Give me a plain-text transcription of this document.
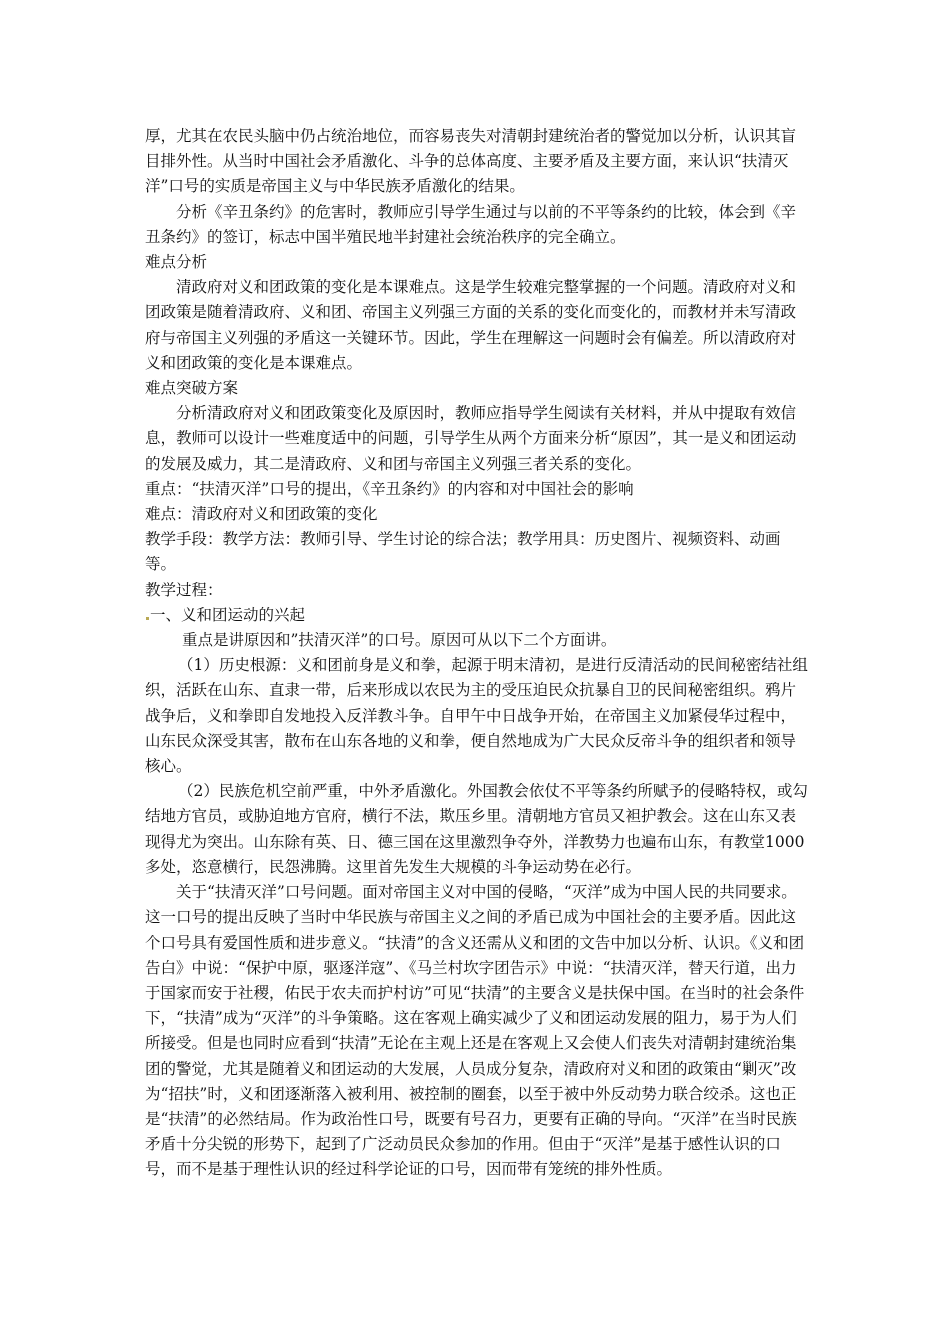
厚，尤其在农民头脑中仍占统治地位，而容易丧失对清朝封建统治者的警觉加以分析，认识其盲目排外性。从当时中国社会矛盾激化、斗争的总体高度、主要矛盾及主要方面，来认识“扶清灭洋”口号的实质是帝国主义与中华民族矛盾激化的结果。

分析《辛丑条约》的危害时，教师应引导学生通过与以前的不平等条约的比较，体会到《辛丑条约》的签订，标志中国半殖民地半封建社会统治秩序的完全确立。

难点分析

清政府对义和团政策的变化是本课难点。这是学生较难完整掌握的一个问题。清政府对义和团政策是随着清政府、义和团、帝国主义列强三方面的关系的变化而变化的，而教材并未写清政府与帝国主义列强的矛盾这一关键环节。因此，学生在理解这一问题时会有偏差。所以清政府对义和团政策的变化是本课难点。

难点突破方案

分析清政府对义和团政策变化及原因时，教师应指导学生阅读有关材料，并从中提取有效信息，教师可以设计一些难度适中的问题，引导学生从两个方面来分析“原因”，其一是义和团运动的发展及威力，其二是清政府、义和团与帝国主义列强三者关系的变化。

重点：“扶清灭洋”口号的提出，《辛丑条约》的内容和对中国社会的影响

难点：清政府对义和团政策的变化

教学手段：教学方法：教师引导、学生讨论的综合法；教学用具：历史图片、视频资料、动画等。

教学过程：

一、义和团运动的兴起

重点是讲原因和”扶清灭洋”的口号。原因可从以下二个方面讲。

（1）历史根源：义和团前身是义和拳，起源于明末清初，是进行反清活动的民间秘密结社组织，活跃在山东、直隶一带，后来形成以农民为主的受压迫民众抗暴自卫的民间秘密组织。鸦片战争后，义和拳即自发地投入反洋教斗争。自甲午中日战争开始，在帝国主义加紧侵华过程中，山东民众深受其害，散布在山东各地的义和拳，便自然地成为广大民众反帝斗争的组织者和领导核心。

（2）民族危机空前严重，中外矛盾激化。外国教会依仗不平等条约所赋予的侵略特权，或勾结地方官员，或胁迫地方官府，横行不法，欺压乡里。清朝地方官员又袒护教会。这在山东又表现得尤为突出。山东除有英、日、德三国在这里激烈争夺外，洋教势力也遍布山东，有教堂1000多处，恣意横行，民怨沸腾。这里首先发生大规模的斗争运动势在必行。

关于“扶清灭洋”口号问题。面对帝国主义对中国的侵略，“灭洋”成为中国人民的共同要求。这一口号的提出反映了当时中华民族与帝国主义之间的矛盾已成为中国社会的主要矛盾。因此这个口号具有爱国性质和进步意义。“扶清”的含义还需从义和团的文告中加以分析、认识。《义和团告白》中说：“保护中原，驱逐洋寇”、《马兰村坎字团告示》中说：“扶清灭洋，替天行道，出力于国家而安于社稷，佑民于农夫而护村访”可见“扶清”的主要含义是扶保中国。在当时的社会条件下，“扶清”成为“灭洋”的斗争策略。这在客观上确实减少了义和团运动发展的阻力，易于为人们所接受。但是也同时应看到“扶清”无论在主观上还是在客观上又会使人们丧失对清朝封建统治集团的警觉，尤其是随着义和团运动的大发展，人员成分复杂，清政府对义和团的政策由“剿灭”改为“招扶”时，义和团逐渐落入被利用、被控制的圈套，以至于被中外反动势力联合绞杀。这也正是“扶清”的必然结局。作为政治性口号，既要有号召力，更要有正确的导向。“灭洋”在当时民族矛盾十分尖锐的形势下，起到了广泛动员民众参加的作用。但由于“灭洋”是基于感性认识的口号，而不是基于理性认识的经过科学论证的口号，因而带有笼统的排外性质。
